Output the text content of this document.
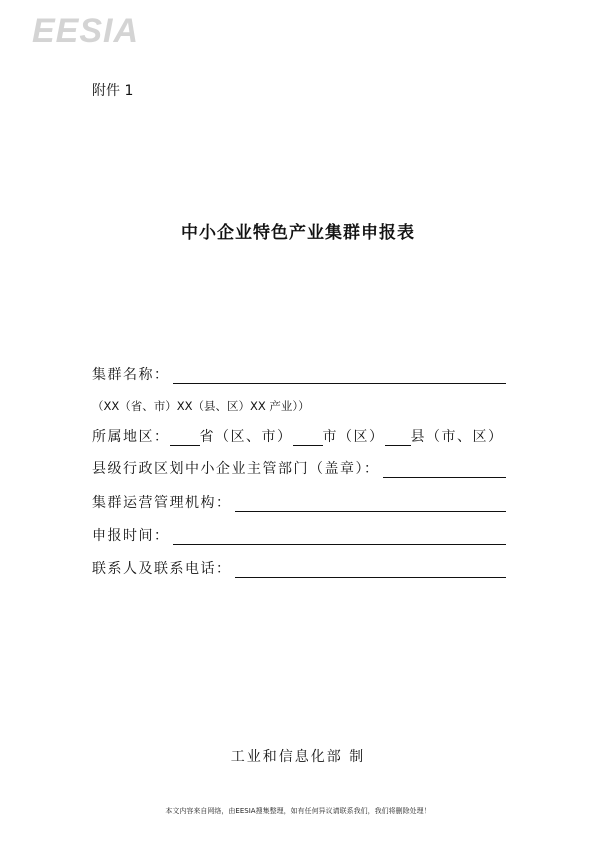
EESIA
附件 1
中小企业特色产业集群申报表
集群名称：
（XX（省、市）XX（县、区）XX 产业））
所属地区： 省（区、市） 市（区） 县（市、区）
县级行政区划中小企业主管部门（盖章）：
集群运营管理机构：
申报时间：
联系人及联系电话：
工业和信息化部 制
本文内容来自网络，由EESIA搜集整理，如有任何异议请联系我们，我们将删除处理！
